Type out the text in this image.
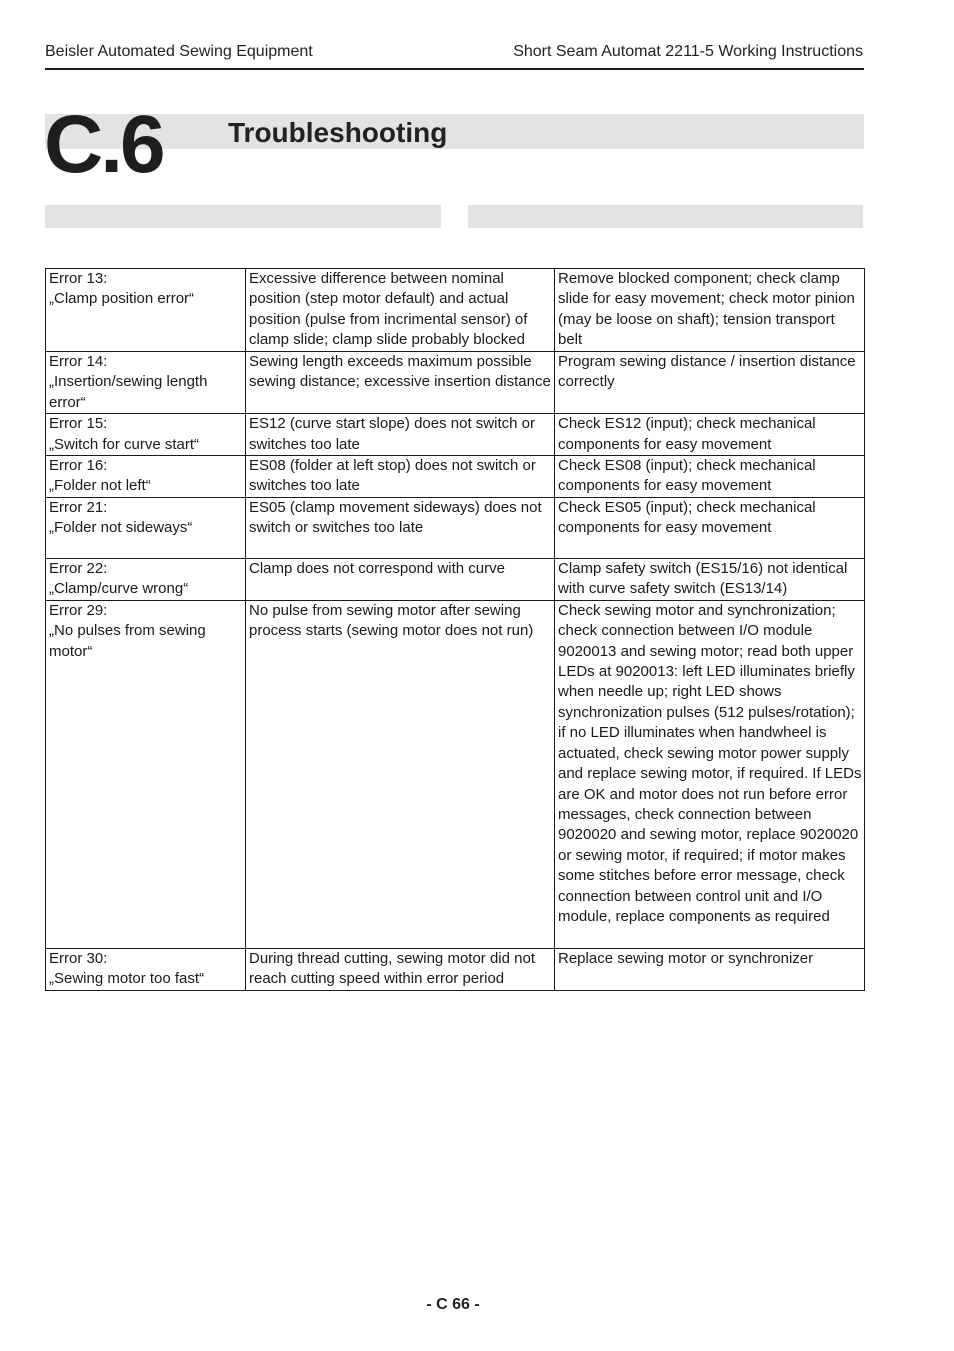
Beisler Automated Sewing Equipment	Short Seam Automat 2211-5 Working Instructions
C.6 Troubleshooting
Error 13:
„Clamp position error“	Excessive difference between nominal position (step motor default) and actual position (pulse from incrimental sensor) of clamp slide; clamp slide probably blocked	Remove blocked component; check clamp slide for easy movement; check motor pinion (may be loose on shaft); tension transport belt
Error 14:
„Insertion/sewing length error“	Sewing length exceeds maximum possible sewing distance; excessive insertion distance	Program sewing distance / insertion distance correctly
Error 15:
„Switch for curve start“	ES12 (curve start slope) does not switch or switches too late	Check ES12 (input); check mechanical components for easy movement
Error 16:
„Folder not left“	ES08 (folder at left stop) does not switch or switches too late	Check ES08 (input); check mechanical components for easy movement
Error 21:
„Folder not sideways“	ES05 (clamp movement sideways) does not switch or switches too late	Check ES05 (input); check mechanical components for easy movement
Error 22:
„Clamp/curve wrong“	Clamp does not correspond with curve	Clamp safety switch (ES15/16) not identical with curve safety switch (ES13/14)
Error 29:
„No pulses from sewing motor“	No pulse from sewing motor after sewing process starts (sewing motor does not run)	Check sewing motor and synchronization; check connection between I/O module 9020013 and sewing motor; read both upper LEDs at 9020013: left LED illuminates briefly when needle up; right LED shows synchronization pulses (512 pulses/rotation); if no LED illuminates when handwheel is actuated, check sewing motor power supply and replace sewing motor, if required. If LEDs are OK and motor does not run before error messages, check connection between 9020020 and sewing motor, replace 9020020 or sewing motor, if required; if motor makes some stitches before error message, check connection between control unit and I/O module, replace components as required
Error 30:
„Sewing motor too fast“	During thread cutting, sewing motor did not reach cutting speed within error period	Replace sewing motor or synchronizer
- C 66 -
